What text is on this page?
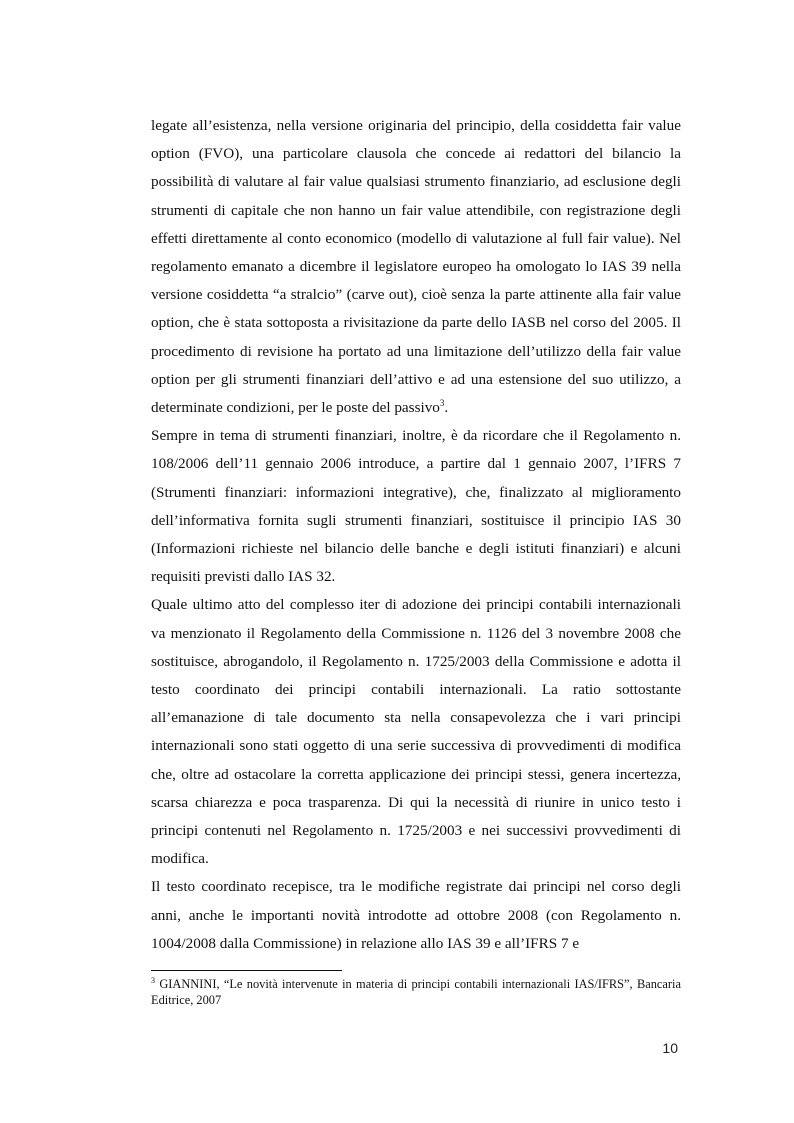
legate all’esistenza, nella versione originaria del principio, della cosiddetta fair value option (FVO), una particolare clausola che concede ai redattori del bilancio la possibilità di valutare al fair value qualsiasi strumento finanziario, ad esclusione degli strumenti di capitale che non hanno un fair value attendibile, con registrazione degli effetti direttamente al conto economico (modello di valutazione al full fair value). Nel regolamento emanato a dicembre il legislatore europeo ha omologato lo IAS 39 nella versione cosiddetta “a stralcio” (carve out), cioè senza la parte attinente alla fair value option, che è stata sottoposta a rivisitazione da parte dello IASB nel corso del 2005. Il procedimento di revisione ha portato ad una limitazione dell’utilizzo della fair value option per gli strumenti finanziari dell’attivo e ad una estensione del suo utilizzo, a determinate condizioni, per le poste del passivo$^3$.

Sempre in tema di strumenti finanziari, inoltre, è da ricordare che il Regolamento n. 108/2006 dell’11 gennaio 2006 introduce, a partire dal 1 gennaio 2007, l’IFRS 7 (Strumenti finanziari: informazioni integrative), che, finalizzato al miglioramento dell’informativa fornita sugli strumenti finanziari, sostituisce il principio IAS 30 (Informazioni richieste nel bilancio delle banche e degli istituti finanziari) e alcuni requisiti previsti dallo IAS 32.

Quale ultimo atto del complesso iter di adozione dei principi contabili internazionali va menzionato il Regolamento della Commissione n. 1126 del 3 novembre 2008 che sostituisce, abrogandolo, il Regolamento n. 1725/2003 della Commissione e adotta il testo coordinato dei principi contabili internazionali. La ratio sottostante all’emanazione di tale documento sta nella consapevolezza che i vari principi internazionali sono stati oggetto di una serie successiva di provvedimenti di modifica che, oltre ad ostacolare la corretta applicazione dei principi stessi, genera incertezza, scarsa chiarezza e poca trasparenza. Di qui la necessità di riunire in unico testo i principi contenuti nel Regolamento n. 1725/2003 e nei successivi provvedimenti di modifica.

Il testo coordinato recepisce, tra le modifiche registrate dai principi nel corso degli anni, anche le importanti novità introdotte ad ottobre 2008 (con Regolamento n. 1004/2008 dalla Commissione) in relazione allo IAS 39 e all’IFRS 7 e

$^3$ GIANNINI, “Le novità intervenute in materia di principi contabili internazionali IAS/IFRS”, Bancaria Editrice, 2007
10
